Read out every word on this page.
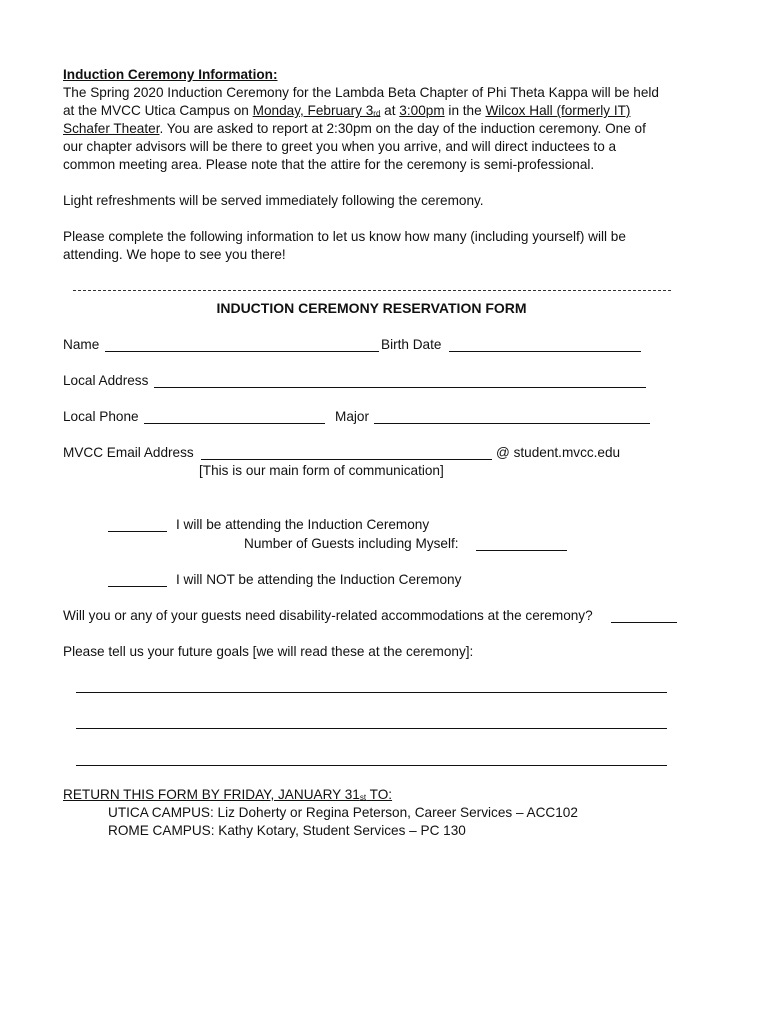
Induction Ceremony Information:
The Spring 2020 Induction Ceremony for the Lambda Beta Chapter of Phi Theta Kappa will be held
at the MVCC Utica Campus on Monday, February $3_{rd}$ at 3:00pm in the Wilcox Hall (formerly IT)
Schafer Theater. You are asked to report at 2:30pm on the day of the induction ceremony. One of
our chapter advisors will be there to greet you when you arrive, and will direct inductees to a
common meeting area. Please note that the attire for the ceremony is semi-professional.
Light refreshments will be served immediately following the ceremony.
Please complete the following information to let us know how many (including yourself) will be
attending. We hope to see you there!
INDUCTION CEREMONY RESERVATION FORM
Name	Birth Date
Local Address
Local Phone	Major
MVCC Email Address	@ student.mvcc.edu
[This is our main form of communication]
I will be attending the Induction Ceremony
Number of Guests including Myself:
I will NOT be attending the Induction Ceremony
Will you or any of your guests need disability-related accommodations at the ceremony?
Please tell us your future goals [we will read these at the ceremony]:
RETURN THIS FORM BY FRIDAY, JANUARY $31_{st}$ TO:
UTICA CAMPUS: Liz Doherty or Regina Peterson, Career Services – ACC102
ROME CAMPUS: Kathy Kotary, Student Services – PC 130
